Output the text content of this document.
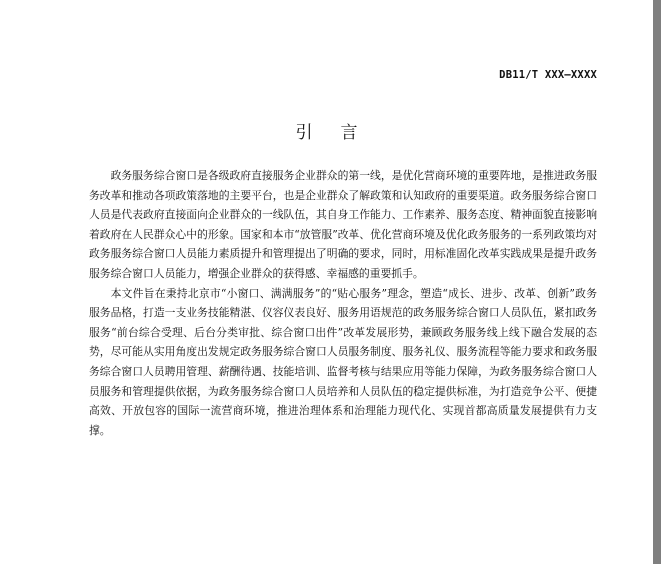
DB11/T XXX—XXXX
引言

政务服务综合窗口是各级政府直接服务企业群众的第一线，是优化营商环境的重要阵地，是推进政务服务改革和推动各项政策落地的主要平台，也是企业群众了解政策和认知政府的重要渠道。政务服务综合窗口人员是代表政府直接面向企业群众的一线队伍，其自身工作能力、工作素养、服务态度、精神面貌直接影响着政府在人民群众心中的形象。国家和本市“放管服”改革、优化营商环境及优化政务服务的一系列政策均对政务服务综合窗口人员能力素质提升和管理提出了明确的要求，同时，用标准固化改革实践成果是提升政务服务综合窗口人员能力，增强企业群众的获得感、幸福感的重要抓手。

本文件旨在秉持北京市“小窗口、满满服务”的“贴心服务”理念，塑造“成长、进步、改革、创新”政务服务品格，打造一支业务技能精湛、仪容仪表良好、服务用语规范的政务服务综合窗口人员队伍，紧扣政务服务“前台综合受理、后台分类审批、综合窗口出件”改革发展形势，兼顾政务服务线上线下融合发展的态势，尽可能从实用角度出发规定政务服务综合窗口人员服务制度、服务礼仪、服务流程等能力要求和政务服务综合窗口人员聘用管理、薪酬待遇、技能培训、监督考核与结果应用等能力保障，为政务服务综合窗口人员服务和管理提供依据，为政务服务综合窗口人员培养和人员队伍的稳定提供标准，为打造竞争公平、便捷高效、开放包容的国际一流营商环境，推进治理体系和治理能力现代化、实现首都高质量发展提供有力支撑。
